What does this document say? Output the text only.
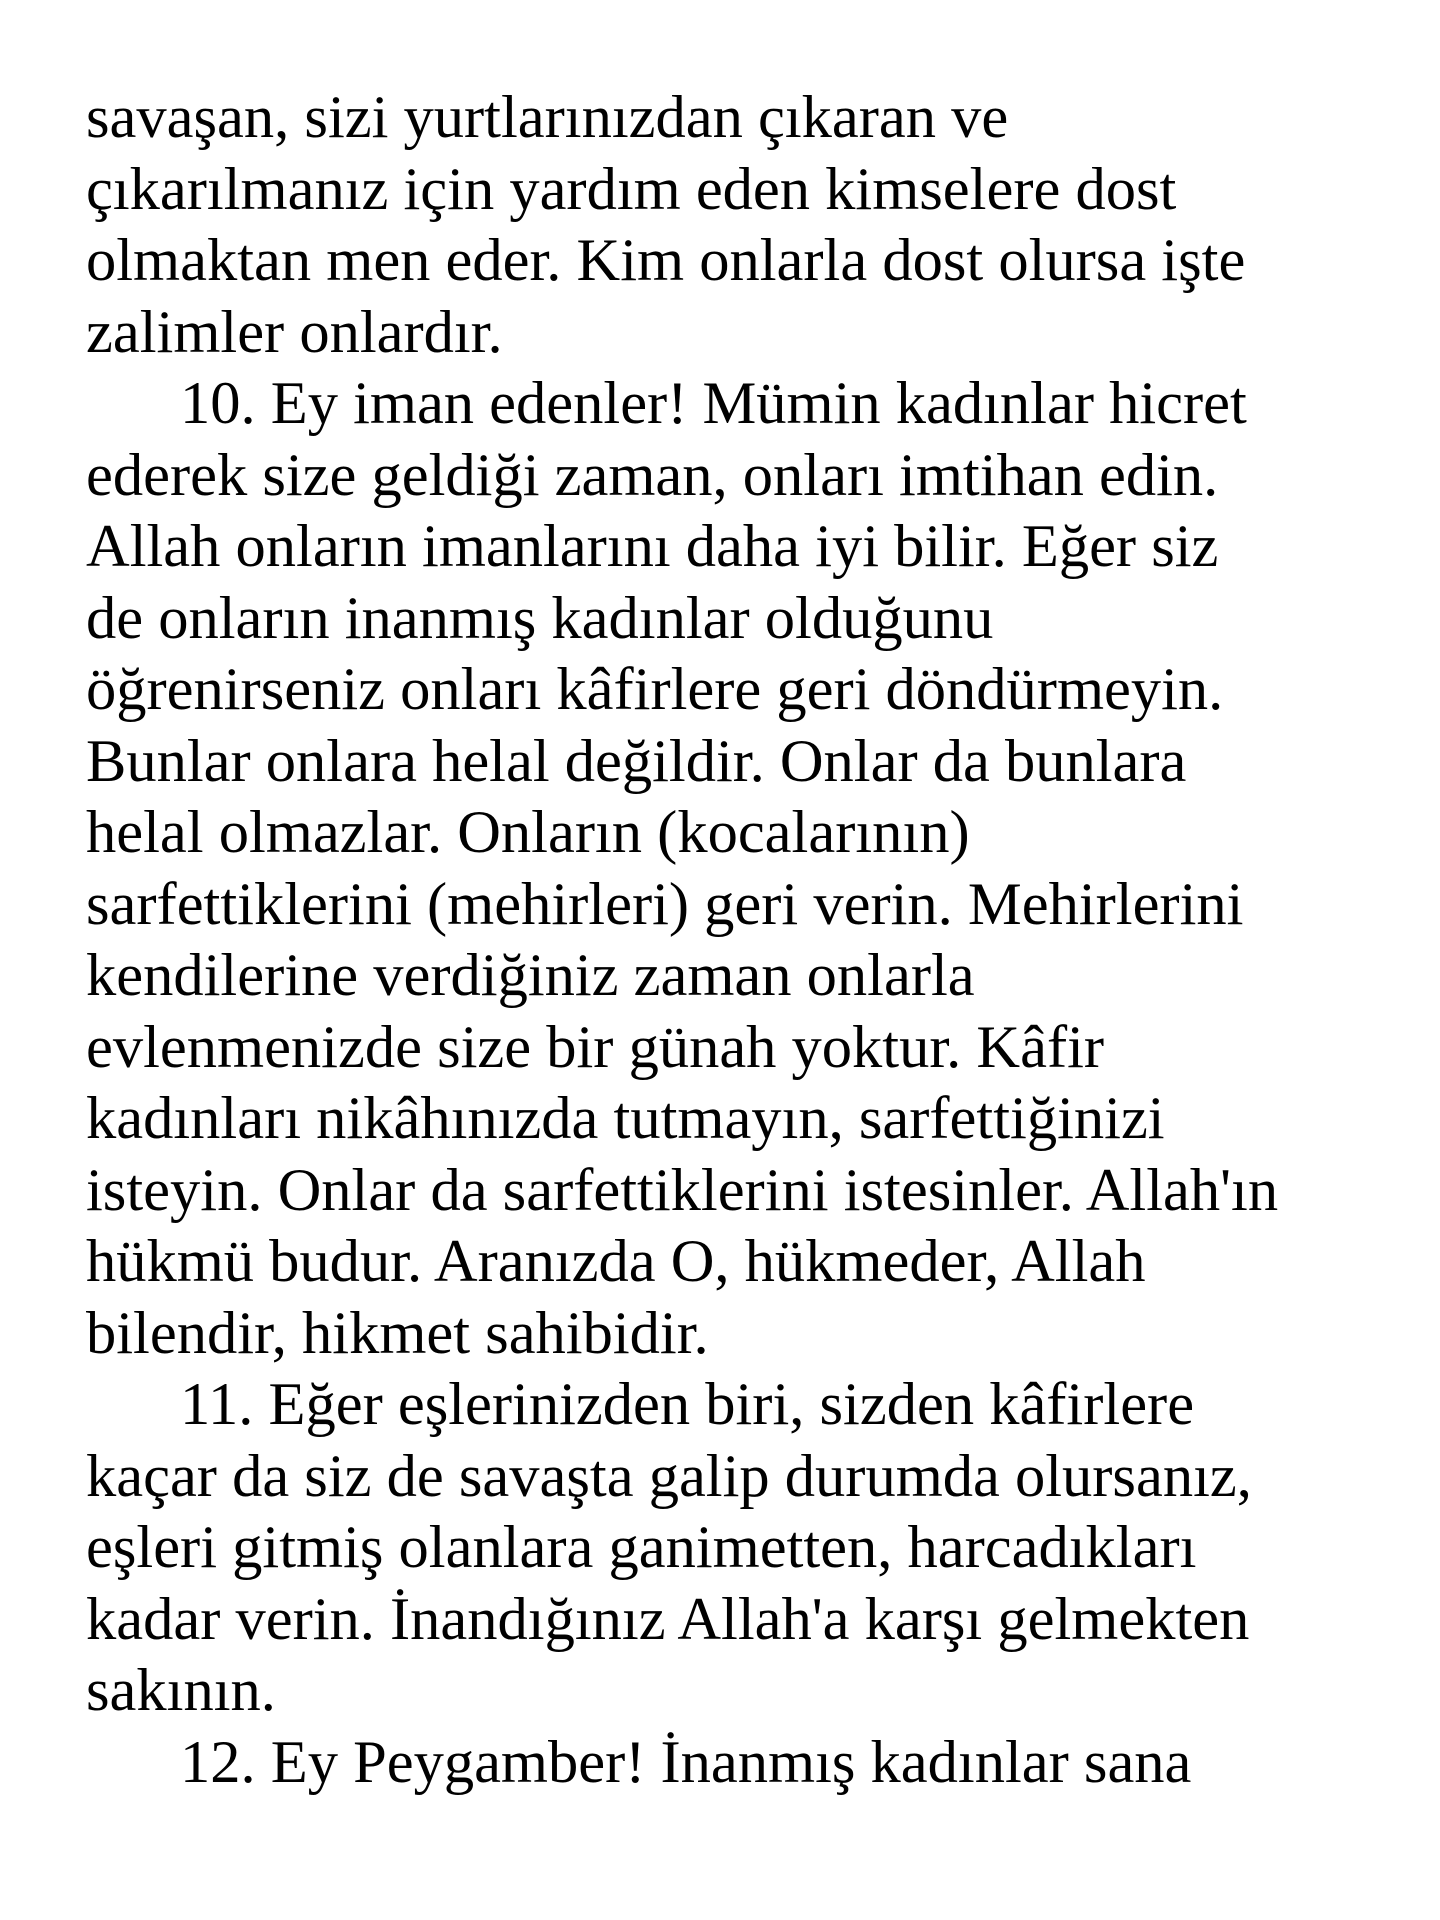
savaşan, sizi yurtlarınızdan çıkaran ve
çıkarılmanız için yardım eden kimselere dost
olmaktan men eder. Kim onlarla dost olursa işte
zalimler onlardır.
10. Ey iman edenler! Mümin kadınlar hicret
ederek size geldiği zaman, onları imtihan edin.
Allah onların imanlarını daha iyi bilir. Eğer siz
de onların inanmış kadınlar olduğunu
öğrenirseniz onları kâfirlere geri döndürmeyin.
Bunlar onlara helal değildir. Onlar da bunlara
helal olmazlar. Onların (kocalarının)
sarfettiklerini (mehirleri) geri verin. Mehirlerini
kendilerine verdiğiniz zaman onlarla
evlenmenizde size bir günah yoktur. Kâfir
kadınları nikâhınızda tutmayın, sarfettiğinizi
isteyin. Onlar da sarfettiklerini istesinler. Allah'ın
hükmü budur. Aranızda O, hükmeder, Allah
bilendir, hikmet sahibidir.
11. Eğer eşlerinizden biri, sizden kâfirlere
kaçar da siz de savaşta galip durumda olursanız,
eşleri gitmiş olanlara ganimetten, harcadıkları
kadar verin. İnandığınız Allah'a karşı gelmekten
sakının.
12. Ey Peygamber! İnanmış kadınlar sana
